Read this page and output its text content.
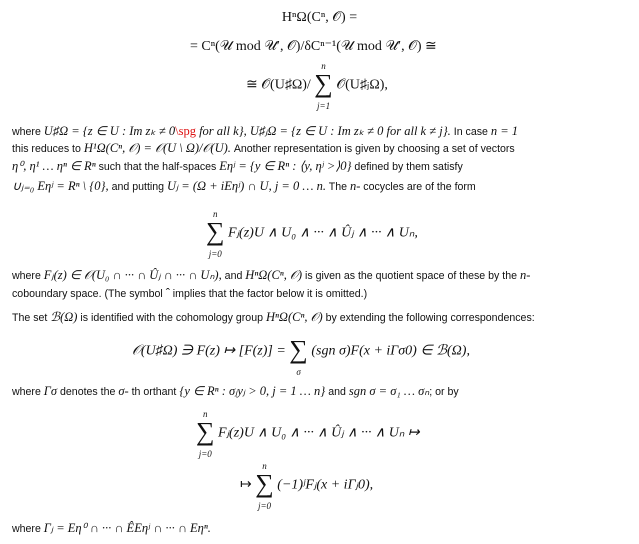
HⁿΩ(Cⁿ, 𝒪) =
= Cⁿ(𝒰 mod 𝒰′, 𝒪)/δCⁿ⁻¹(𝒰 mod 𝒰′, 𝒪) ≅
≅ 𝒪(U♯Ω)/
n
∑
j=1
𝒪(U♯ⱼΩ),
where U♯Ω = {z ∈ U : Im zₖ ≠ 0\spg for all k}, U♯ⱼΩ = {z ∈ U : Im zₖ ≠ 0 for all k ≠ j}. In case n = 1
this reduces to H¹Ω(Cⁿ, 𝒪) = 𝒪(U \ Ω)/𝒪(U). Another representation is given by choosing a set of vectors
η⁰, η¹ … ηⁿ ∈ Rⁿ such that the half-spaces Eηʲ = {y ∈ Rⁿ : ⟨y, ηʲ >⟩0} defined by them satisfy
∪ⱼ₌₀ Eηʲ = Rⁿ \ {0}, and putting Uⱼ = (Ω + iEηʲ) ∩ U, j = 0 … n. The n- cocycles are of the form
n
∑
j=0
Fⱼ(z)U ∧ U₀ ∧ ··· ∧ Ûⱼ ∧ ··· ∧ Uₙ,
where Fⱼ(z) ∈ 𝒪(U₀ ∩ ··· ∩ Ûⱼ ∩ ··· ∩ Uₙ), and HⁿΩ(Cⁿ, 𝒪) is given as the quotient space of these by the n-
coboundary space. (The symbol ˆ implies that the factor below it is omitted.)
The set ℬ(Ω) is identified with the cohomology group HⁿΩ(Cⁿ, 𝒪) by extending the following correspondences:
𝒪(U♯Ω) ∋ F(z) ↦ [F(z)] = ∑
σ
(sgn σ)F(x + iΓσ0) ∈ ℬ(Ω),
where Γσ denotes the σ- th orthant {y ∈ Rⁿ : σⱼyⱼ > 0, j = 1 … n} and sgn σ = σ₁ … σₙ; or by
n
∑
j=0
Fⱼ(z)U ∧ U₀ ∧ ··· ∧ Ûⱼ ∧ ··· ∧ Uₙ ↦
↦
n
∑
j=0
(−1)ʲFⱼ(x + iΓⱼ0),
where Γⱼ = Eη⁰ ∩ ··· ∩ ÊEηʲ ∩ ··· ∩ Eηⁿ.
